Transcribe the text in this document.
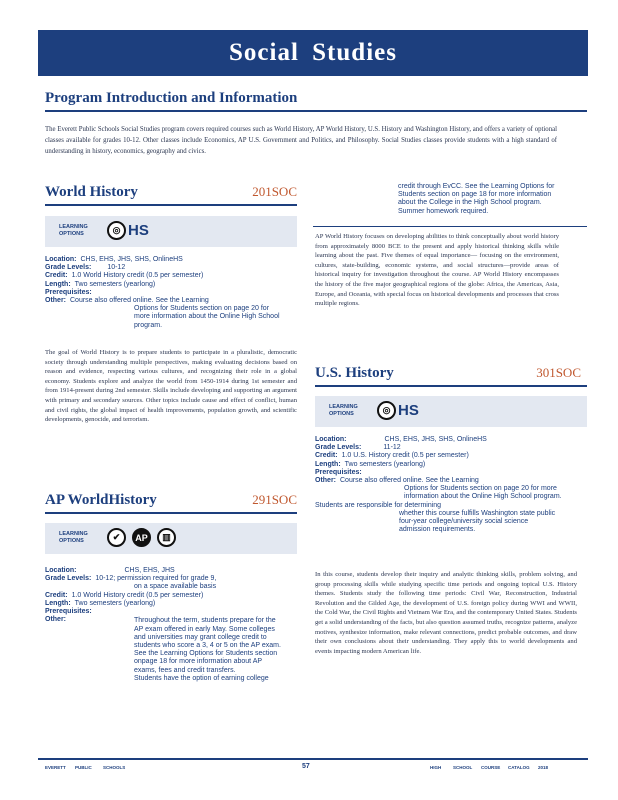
Social Studies
Program Introduction and Information
The Everett Public Schools Social Studies program covers required courses such as World History, AP World History, U.S. History and Washington History, and offers a variety of optional classes available for grades 10-12. Other classes include Economics, AP U.S. Government and Politics, and Philosophy. Social Studies classes provide students with a high standard of understanding in history, economics, geography and civics.
World History	201SOC
LEARNING OPTIONS	◎ HS
Location: CHS, EHS, JHS, SHS, OnlineHS
Grade Levels: 10-12
Credit: 1.0 World History credit (0.5 per semester)
Length: Two semesters (yearlong)
Prerequisites:
Other: Course also offered online. See the Learning
Options for Students section on page 20 for more information about the Online High School program.
The goal of World History is to prepare students to participate in a pluralistic, democratic society through understanding multiple perspectives, making evaluating decisions based on reason and evidence, respecting various cultures, and recognizing their role in a global economy. Students explore and analyze the world from 1450-1914 during 1st semester and from 1914-present during 2nd semester. Skills include developing and supporting an argument with primary and secondary sources. Other topics include cause and effect of conflict, human and civil rights, the global impact of health improvements, population growth, and scientific developments, genocide, and terrorism.
AP WorldHistory	291SOC
LEARNING OPTIONS	✔	AP	▥
Location:	CHS, EHS, JHS
Grade Levels: 10-12; permission required for grade 9,
on a space available basis
Credit: 1.0 World History credit (0.5 per semester)
Length: Two semesters (yearlong)
Prerequisites:
Other:	Throughout the term, students prepare for the AP exam offered in early May. Some colleges and universities may grant college credit to students who score a 3, 4 or 5 on the AP exam. See the Learning Options for Students section onpage 18 for more information about AP exams, fees and credit transfers.
Students have the option of earning college
credit through EvCC. See the Learning Options for Students section on page 18 for more information about the College in the High School program. Summer homework required.
AP World History focuses on developing abilities to think conceptually about world history from approximately 8000 BCE to the present and apply historical thinking skills while learning about the past. Five themes of equal importance— focusing on the environment, cultures, state-building, economic systems, and social structures—provide areas of historical inquiry for investigation throughout the course. AP World History encompasses the history of the five major geographical regions of the globe: Africa, the Americas, Asia, Europe, and Oceania, with special focus on historical developments and processes that cross multiple regions.
U.S. History	301SOC
LEARNING OPTIONS	◎ HS
Location:	CHS, EHS, JHS, SHS, OnlineHS
Grade Levels:	11-12
Credit: 1.0 U.S. History credit (0.5 per semester)
Length: Two semesters (yearlong)
Prerequisites:
Other: Course also offered online. See the Learning
Options for Students section on page 20 for more information about the Online High School program.
Students are responsible for determining
whether this course fulfills Washington state public four-year college/university social science admission requirements.
In this course, students develop their inquiry and analytic thinking skills, problem solving, and group processing skills while studying specific time periods and ongoing topical U.S. History themes. Students study the following time periods: Civil War, Reconstruction, Industrial Revolution and the Gilded Age, the development of U.S. foreign policy during WWI and WWII, the Cold War, the Civil Rights and Vietnam War Era, and the contemporary United States. Students get a solid understanding of the facts, but also question assumed truths, recognize patterns, analyze motives, synthesize information, make relevant connections, predict probable outcomes, and draw their own conclusions about their understanding. They apply this to world developments and events impacting modern American life.
EVERETT PUBLIC	SCHOOLS	57	HIGH	SCHOOL COURSE CATALOG 2018
